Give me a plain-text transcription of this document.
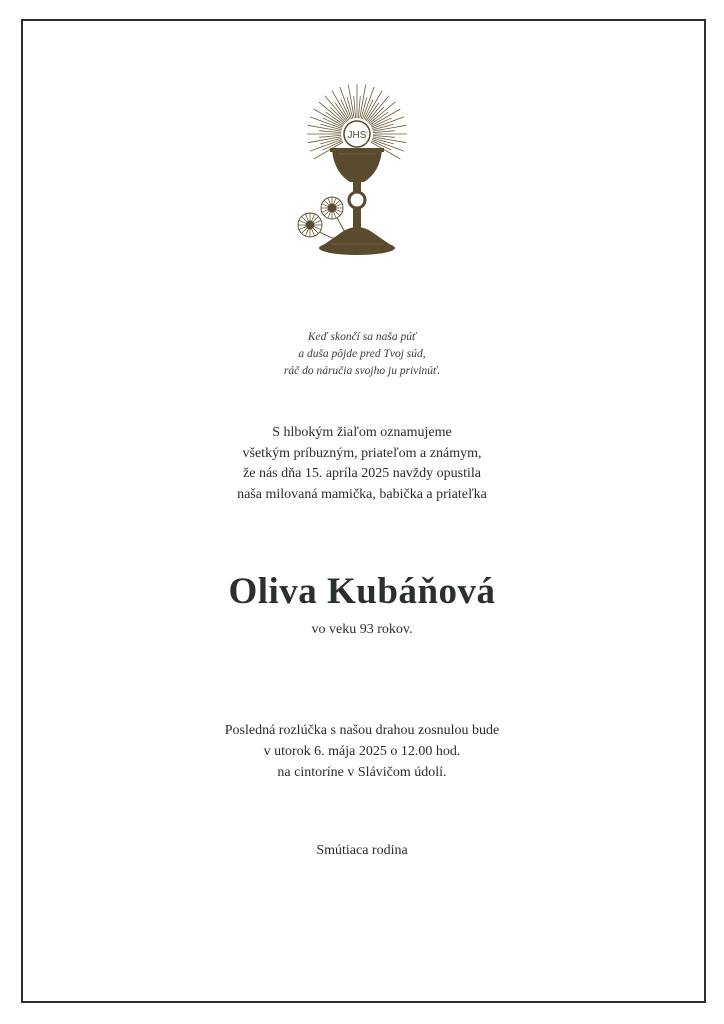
JHS
Keď skončí sa naša púť
a duša pôjde pred Tvoj súd,
ráč do náručia svojho ju privinúť.
S hlbokým žiaľom oznamujeme
všetkým príbuzným, priateľom a známym,
že nás dňa 15. apríla 2025 navždy opustila
naša milovaná mamička, babička a priateľka
Oliva Kubáňová
vo veku 93 rokov.
Posledná rozlúčka s našou drahou zosnulou bude
v utorok 6. mája 2025 o 12.00 hod.
na cintoríne v Slávičom údolí.
Smútiaca rodina
